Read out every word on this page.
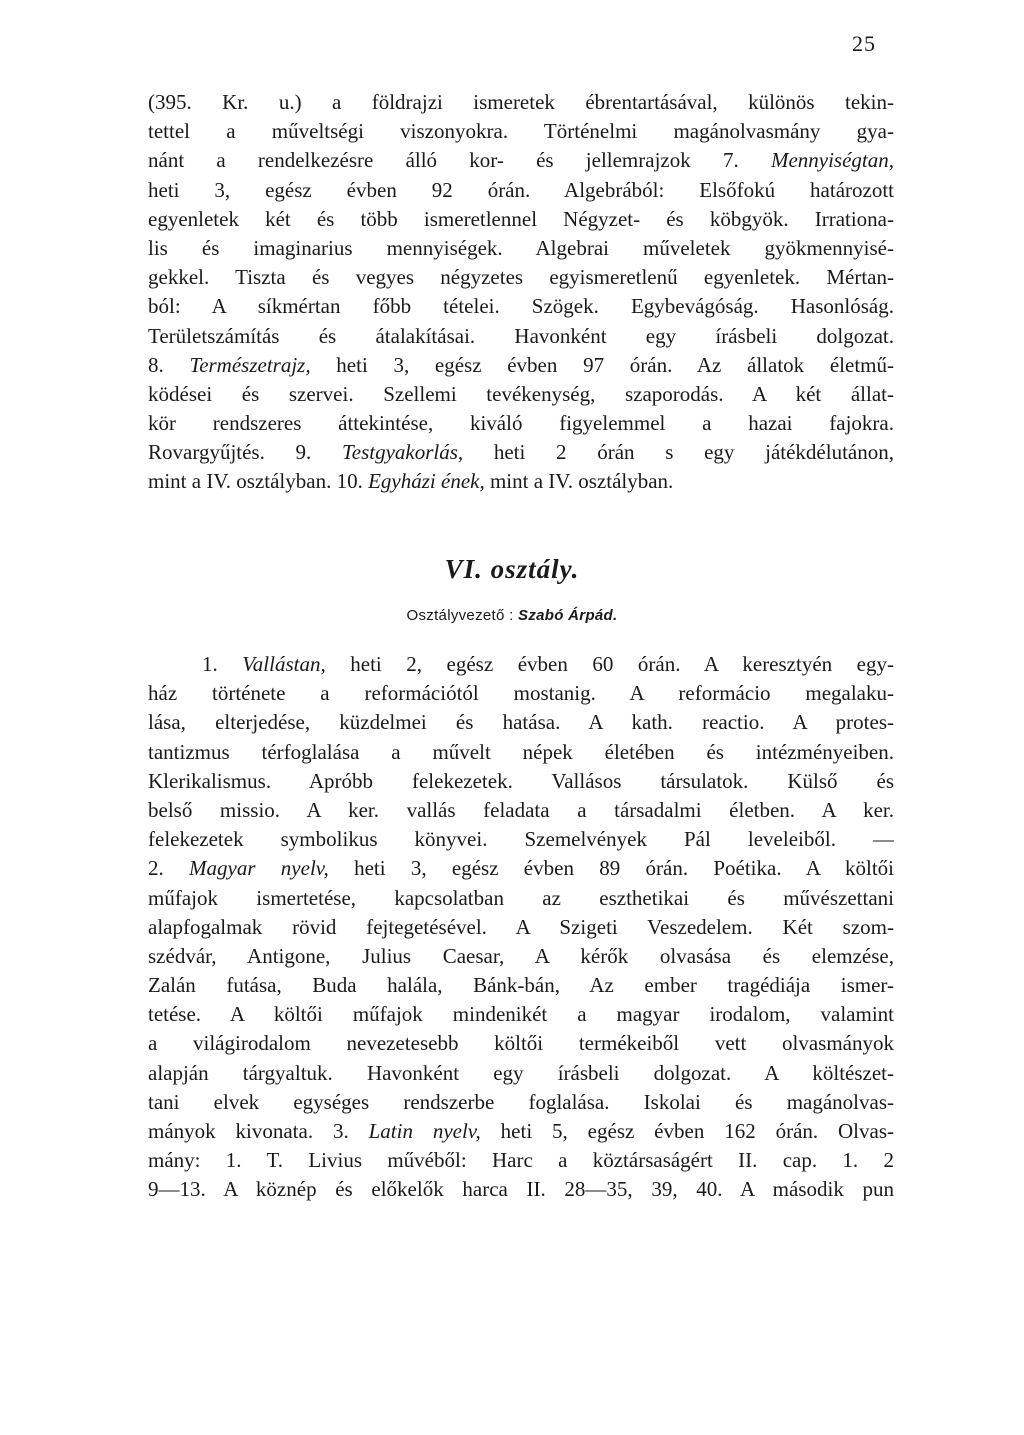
25
(395. Kr. u.) a földrajzi ismeretek ébrentartásával, különös tekin-
tettel a műveltségi viszonyokra. Történelmi magánolvasmány gya-
nánt a rendelkezésre álló kor- és jellemrajzok 7. Mennyiségtan,
heti 3, egész évben 92 órán. Algebrából: Elsőfokú határozott
egyenletek két és több ismeretlennel Négyzet- és köbgyök. Irrationa-
lis és imaginarius mennyiségek. Algebrai műveletek gyökmennyisé-
gekkel. Tiszta és vegyes négyzetes egyismeretlenű egyenletek. Mértan-
ból: A síkmértan főbb tételei. Szögek. Egybevágóság. Hasonlóság.
Területszámítás és átalakításai. Havonként egy írásbeli dolgozat.
8. Természetrajz, heti 3, egész évben 97 órán. Az állatok életmű-
ködései és szervei. Szellemi tevékenység, szaporodás. A két állat-
kör rendszeres áttekintése, kiváló figyelemmel a hazai fajokra.
Rovargyűjtés. 9. Testgyakorlás, heti 2 órán s egy játékdélutánon,
mint a IV. osztályban. 10. Egyházi ének, mint a IV. osztályban.
VI. osztály.
Osztályvezető : Szabó Árpád.
1. Vallástan, heti 2, egész évben 60 órán. A keresztyén egy-
ház története a reformációtól mostanig. A reformácio megalaku-
lása, elterjedése, küzdelmei és hatása. A kath. reactio. A protes-
tantizmus térfoglalása a művelt népek életében és intézményeiben.
Klerikalismus. Apróbb felekezetek. Vallásos társulatok. Külső és
belső missio. A ker. vallás feladata a társadalmi életben. A ker.
felekezetek symbolikus könyvei. Szemelvények Pál leveleiből. —
2. Magyar nyelv, heti 3, egész évben 89 órán. Poétika. A költői
műfajok ismertetése, kapcsolatban az eszthetikai és művészettani
alapfogalmak rövid fejtegetésével. A Szigeti Veszedelem. Két szom-
szédvár, Antigone, Julius Caesar, A kérők olvasása és elemzése,
Zalán futása, Buda halála, Bánk-bán, Az ember tragédiája ismer-
tetése. A költői műfajok mindenikét a magyar irodalom, valamint
a világirodalom nevezetesebb költői termékeiből vett olvasmányok
alapján tárgyaltuk. Havonként egy írásbeli dolgozat. A költészet-
tani elvek egységes rendszerbe foglalása. Iskolai és magánolvas-
mányok kivonata. 3. Latin nyelv, heti 5, egész évben 162 órán. Olvas-
mány: 1. T. Livius művéből: Harc a köztársaságért II. cap. 1. 2
9—13. A köznép és előkelők harca II. 28—35, 39, 40. A második pun
